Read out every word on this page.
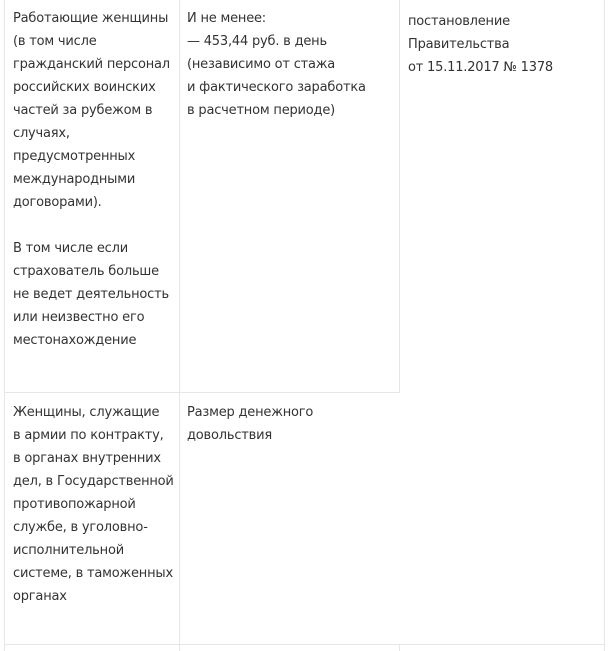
Работающие женщины
(в том числе
гражданский персонал
российских воинских
частей за рубежом в
случаях,
предусмотренных
международными
договорами).
В том числе если
страхователь больше
не ведет деятельность
или неизвестно его
местонахождение
И не менее:
— 453,44 руб. в день
(независимо от стажа
и фактического заработка
в расчетном периоде)
постановление
Правительства
от 15.11.2017 № 1378
Женщины, служащие
в армии по контракту,
в органах внутренних
дел, в Государственной
противопожарной
службе, в уголовно-
исполнительной
системе, в таможенных
органах
Размер денежного
довольствия
